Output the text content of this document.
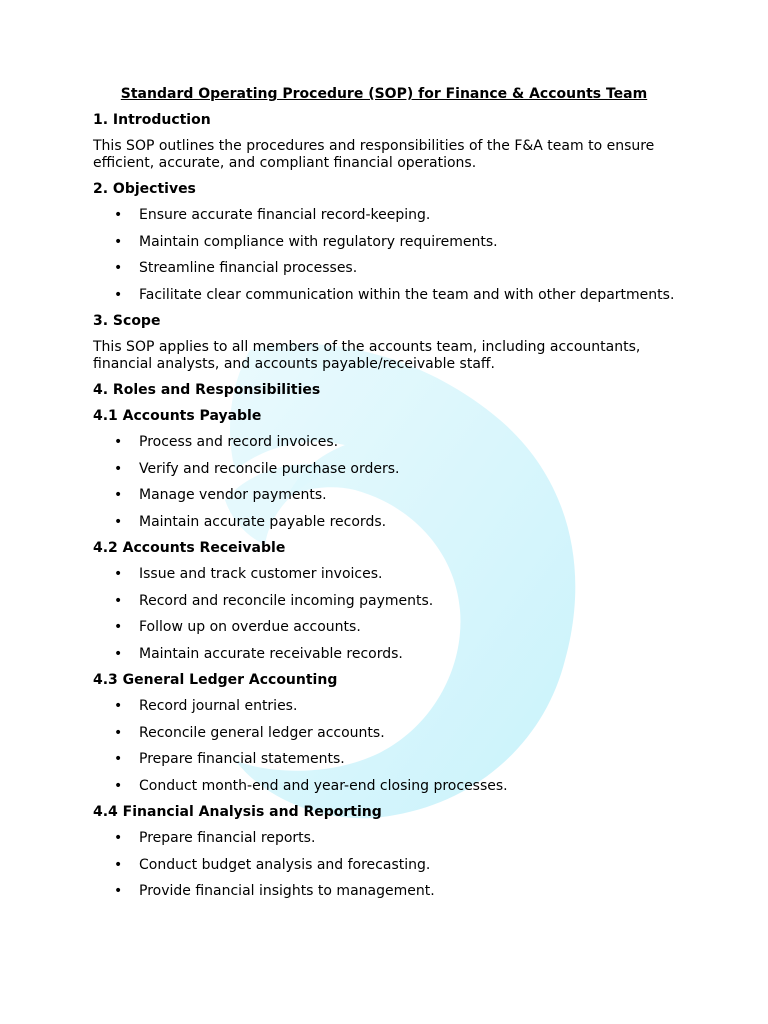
Standard Operating Procedure (SOP) for Finance & Accounts Team
1. Introduction

This SOP outlines the procedures and responsibilities of the F&A team to ensure efficient, accurate, and compliant financial operations.

2. Objectives
• Ensure accurate financial record-keeping.
• Maintain compliance with regulatory requirements.
• Streamline financial processes.
• Facilitate clear communication within the team and with other departments.
3. Scope

This SOP applies to all members of the accounts team, including accountants, financial analysts, and accounts payable/receivable staff.

4. Roles and Responsibilities
4.1 Accounts Payable
• Process and record invoices.
• Verify and reconcile purchase orders.
• Manage vendor payments.
• Maintain accurate payable records.
4.2 Accounts Receivable
• Issue and track customer invoices.
• Record and reconcile incoming payments.
• Follow up on overdue accounts.
• Maintain accurate receivable records.
4.3 General Ledger Accounting
• Record journal entries.
• Reconcile general ledger accounts.
• Prepare financial statements.
• Conduct month-end and year-end closing processes.
4.4 Financial Analysis and Reporting
• Prepare financial reports.
• Conduct budget analysis and forecasting.
• Provide financial insights to management.
